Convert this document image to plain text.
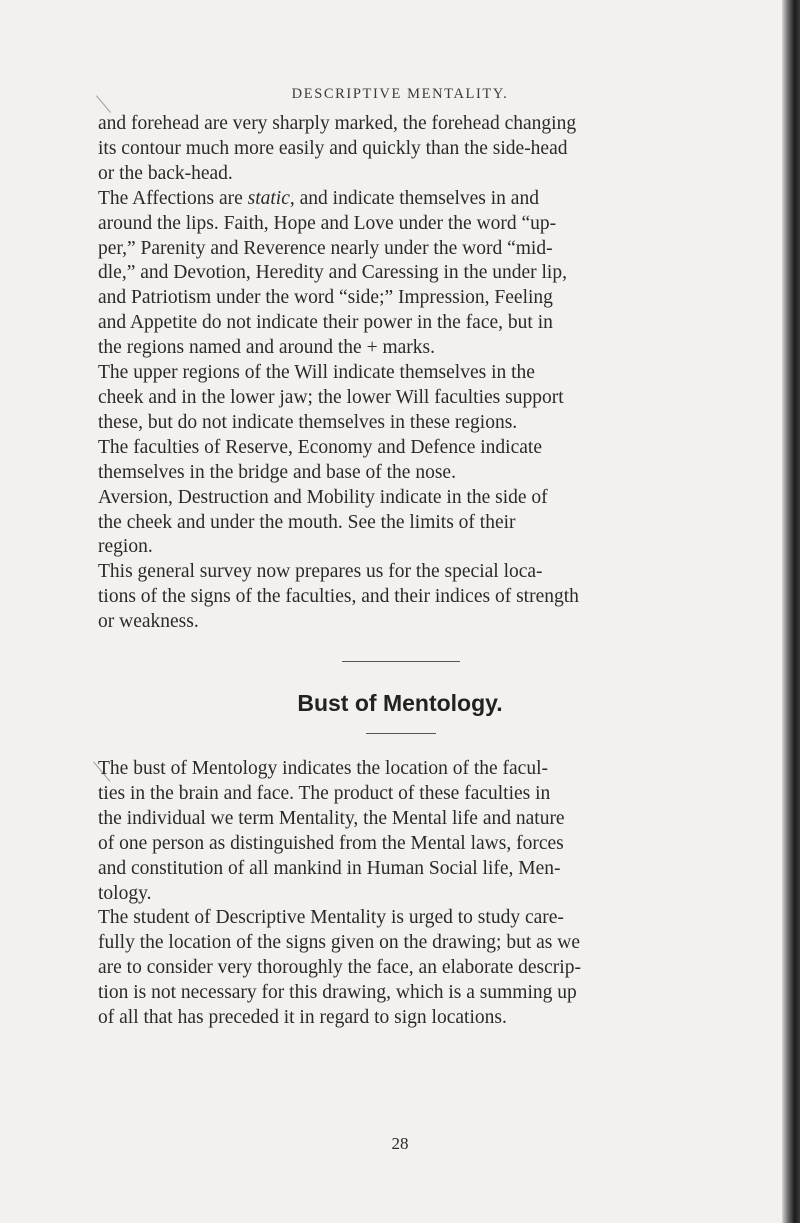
DESCRIPTIVE MENTALITY.

and forehead are very sharply marked, the forehead changing

its contour much more easily and quickly than the side-head

or the back-head.

The Affections are static, and indicate themselves in and

around the lips. Faith, Hope and Love under the word “up-

per,” Parenity and Reverence nearly under the word “mid-

dle,” and Devotion, Heredity and Caressing in the under lip,

and Patriotism under the word “side;” Impression, Feeling

and Appetite do not indicate their power in the face, but in

the regions named and around the + marks.

The upper regions of the Will indicate themselves in the

cheek and in the lower jaw; the lower Will faculties support

these, but do not indicate themselves in these regions.

The faculties of Reserve, Economy and Defence indicate

themselves in the bridge and base of the nose.

Aversion, Destruction and Mobility indicate in the side of

the cheek and under the mouth. See the limits of their

region.

This general survey now prepares us for the special loca-

tions of the signs of the faculties, and their indices of strength

or weakness.

Bust of Mentology.

The bust of Mentology indicates the location of the facul-

ties in the brain and face. The product of these faculties in

the individual we term Mentality, the Mental life and nature

of one person as distinguished from the Mental laws, forces

and constitution of all mankind in Human Social life, Men-

tology.

The student of Descriptive Mentality is urged to study care-

fully the location of the signs given on the drawing; but as we

are to consider very thoroughly the face, an elaborate descrip-

tion is not necessary for this drawing, which is a summing up

of all that has preceded it in regard to sign locations.

28
